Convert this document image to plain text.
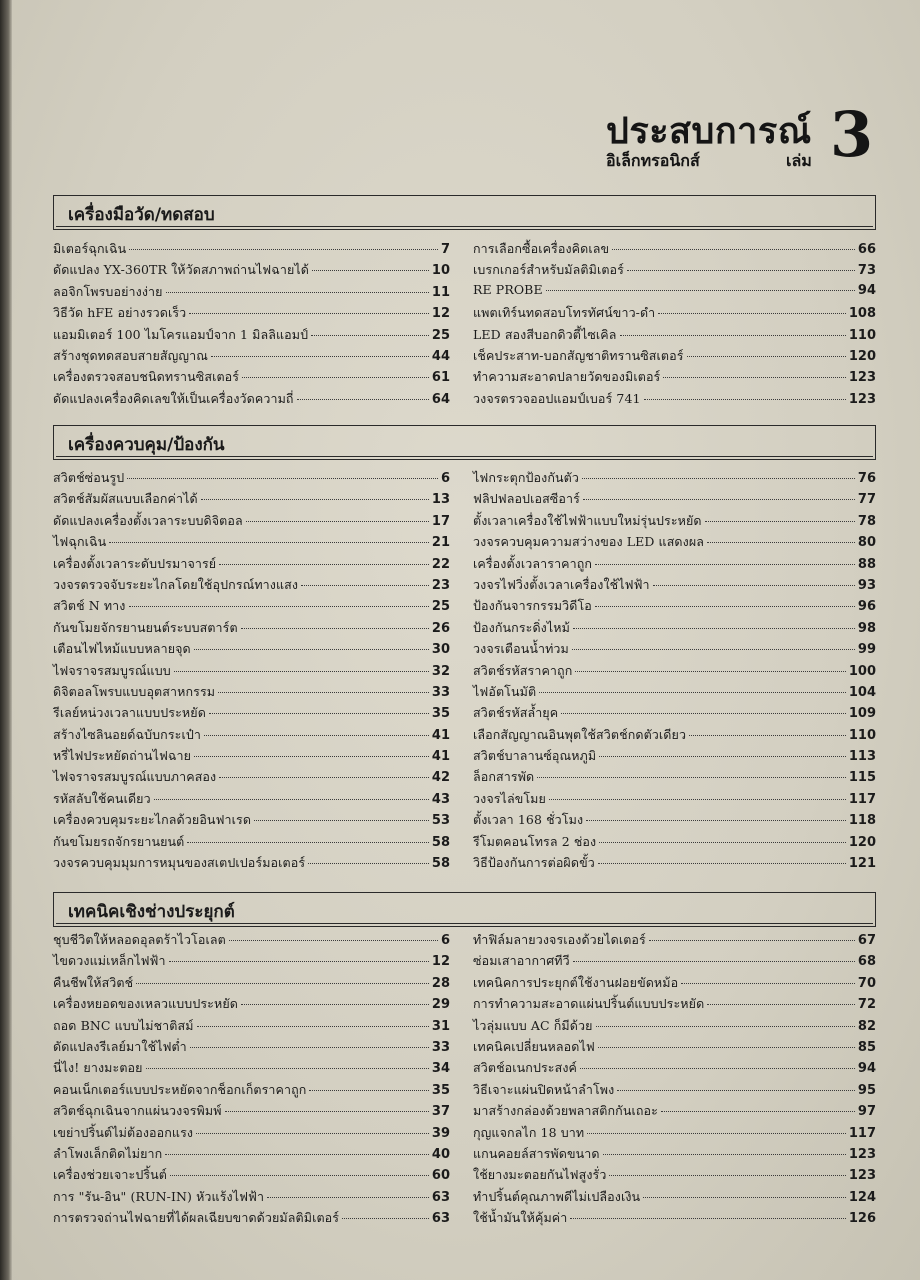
ประสบการณ์
อิเล็กทรอนิกส์	เล่ม 3
เครื่องมือวัด/ทดสอบ
มิเตอร์ฉุกเฉิน	7
ดัดแปลง YX-360TR ให้วัดสภาพถ่านไฟฉายได้	10
ลอจิกโพรบอย่างง่าย	11
วิธีวัด hFE อย่างรวดเร็ว	12
แอมมิเตอร์ 100 ไมโครแอมป์จาก 1 มิลลิแอมป์	25
สร้างชุดทดสอบสายสัญญาณ	44
เครื่องตรวจสอบชนิดทรานซิสเตอร์	61
ดัดแปลงเครื่องคิดเลขให้เป็นเครื่องวัดความถี่	64
การเลือกซื้อเครื่องคิดเลข	66
เบรกเกอร์สำหรับมัลติมิเตอร์	73
RE PROBE	94
แพตเทิร์นทดสอบโทรทัศน์ขาว-ดำ	108
LED สองสีบอกดิวตี้ไซเคิล	110
เช็คประสาท-บอกสัญชาติทรานซิสเตอร์	120
ทำความสะอาดปลายวัดของมิเตอร์	123
วงจรตรวจออปแอมป์เบอร์ 741	123
เครื่องควบคุม/ป้องกัน
สวิตช์ซ่อนรูป	6
สวิตช์สัมผัสแบบเลือกค่าได้	13
ดัดแปลงเครื่องตั้งเวลาระบบดิจิตอล	17
ไฟฉุกเฉิน	21
เครื่องตั้งเวลาระดับปรมาจารย์	22
วงจรตรวจจับระยะไกลโดยใช้อุปกรณ์ทางแสง	23
สวิตช์ N ทาง	25
กันขโมยจักรยานยนต์ระบบสตาร์ต	26
เตือนไฟไหม้แบบหลายจุด	30
ไฟจราจรสมบูรณ์แบบ	32
ดิจิตอลโพรบแบบอุตสาหกรรม	33
รีเลย์หน่วงเวลาแบบประหยัด	35
สร้างไซลินอยด์ฉบับกระเป๋า	41
หรี่ไฟประหยัดถ่านไฟฉาย	41
ไฟจราจรสมบูรณ์แบบภาคสอง	42
รหัสลับใช้คนเดียว	43
เครื่องควบคุมระยะไกลด้วยอินฟาเรด	53
กันขโมยรถจักรยานยนต์	58
วงจรควบคุมมุมการหมุนของสเตปเปอร์มอเตอร์	58
ไฟกระตุกป้องกันตัว	76
ฟลิปฟลอปเอสซีอาร์	77
ตั้งเวลาเครื่องใช้ไฟฟ้าแบบใหม่รุ่นประหยัด	78
วงจรควบคุมความสว่างของ LED แสดงผล	80
เครื่องตั้งเวลาราคาถูก	88
วงจรไฟวิ่งตั้งเวลาเครื่องใช้ไฟฟ้า	93
ป้องกันจารกรรมวิดีโอ	96
ป้องกันกระดิ่งไหม้	98
วงจรเตือนน้ำท่วม	99
สวิตช์รหัสราคาถูก	100
ไฟอัตโนมัติ	104
สวิตช์รหัสล้ำยุค	109
เลือกสัญญาณอินพุตใช้สวิตช์กดตัวเดียว	110
สวิตช์บาลานซ์อุณหภูมิ	113
ล็อกสารพัด	115
วงจรไล่ขโมย	117
ตั้งเวลา 168 ชั่วโมง	118
รีโมตคอนโทรล 2 ช่อง	120
วิธีป้องกันการต่อผิดขั้ว	121
เทคนิคเชิงช่างประยุกต์
ชุบชีวิตให้หลอดอุลตร้าไวโอเลต	6
ไขดวงแม่เหล็กไฟฟ้า	12
คืนชีพให้สวิตช์	28
เครื่องหยอดของเหลวแบบประหยัด	29
ถอด BNC แบบไม่ชาติสม์	31
ดัดแปลงรีเลย์มาใช้ไฟต่ำ	33
นี่ไง! ยางมะตอย	34
คอนเน็กเตอร์แบบประหยัดจากช็อกเก็ตราคาถูก	35
สวิตช์ฉุกเฉินจากแผ่นวงจรพิมพ์	37
เขย่าปริ้นต์ไม่ต้องออกแรง	39
ลำโพงเล็กติดไม่ยาก	40
เครื่องช่วยเจาะปริ้นต์	60
การ "รัน-อิน" (RUN-IN) หัวแร้งไฟฟ้า	63
การตรวจถ่านไฟฉายที่ได้ผลเฉียบขาดด้วยมัลติมิเตอร์	63
ทำฟิล์มลายวงจรเองด้วยไดเตอร์	67
ซ่อมเสาอากาศทีวี	68
เทคนิคการประยุกต์ใช้งานฝอยขัดหม้อ	70
การทำความสะอาดแผ่นปริ้นต์แบบประหยัด	72
ไวลุ่มแบบ AC ก็มีด้วย	82
เทคนิคเปลี่ยนหลอดไฟ	85
สวิตช์อเนกประสงค์	94
วิธีเจาะแผ่นปิดหน้าลำโพง	95
มาสร้างกล่องด้วยพลาสติกกันเถอะ	97
กุญแจกลไก 18 บาท	117
แกนคอยล์สารพัดขนาด	123
ใช้ยางมะตอยกันไฟสูงรั่ว	123
ทำปริ้นต์คุณภาพดีไม่เปลืองเงิน	124
ใช้น้ำมันให้คุ้มค่า	126
